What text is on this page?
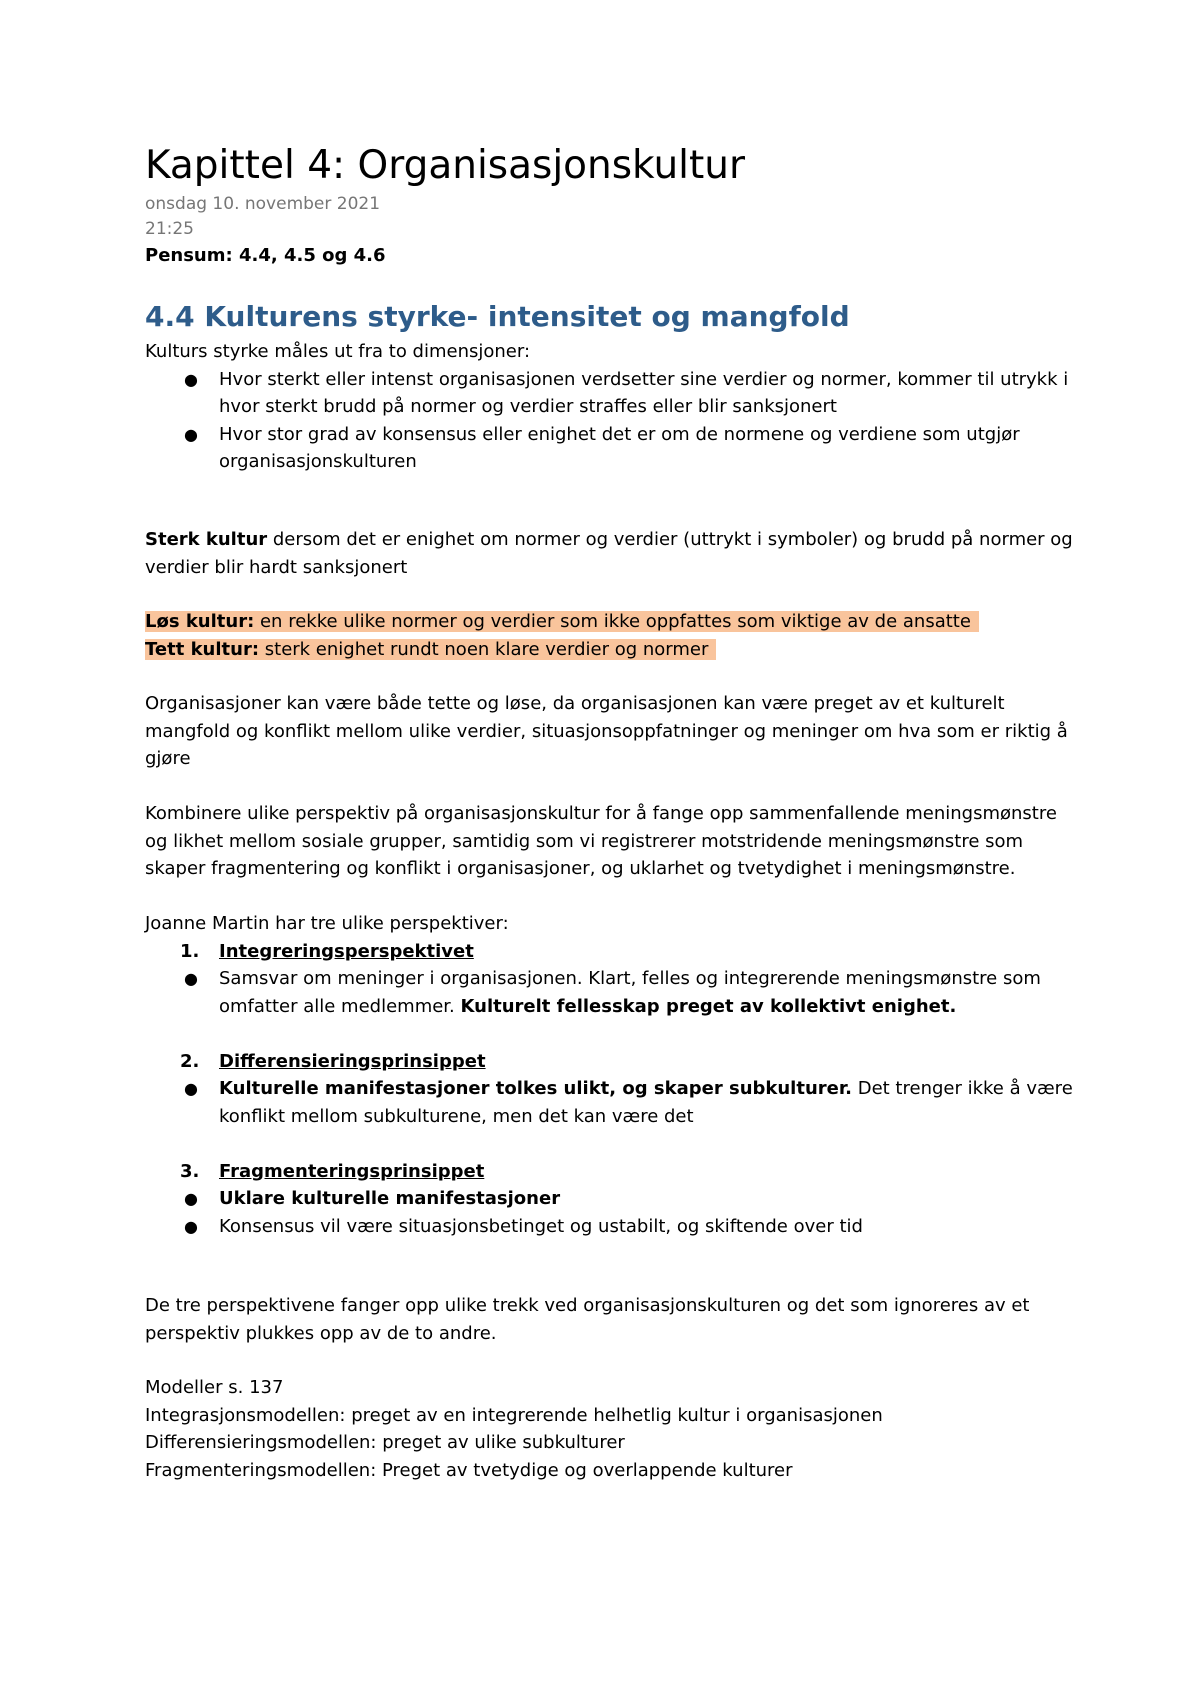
Kapittel 4: Organisasjonskultur
onsdag 10. november 2021
21:25
Pensum: 4.4, 4.5 og 4.6
4.4 Kulturens styrke- intensitet og mangfold

Kulturs styrke måles ut fra to dimensjoner:

● Hvor sterkt eller intenst organisasjonen verdsetter sine verdier og normer, kommer til utrykk i hvor sterkt brudd på normer og verdier straffes eller blir sanksjonert
● Hvor stor grad av konsensus eller enighet det er om de normene og verdiene som utgjør organisasjonskulturen

Sterk kultur dersom det er enighet om normer og verdier (uttrykt i symboler) og brudd på normer og verdier blir hardt sanksjonert

Løs kultur: en rekke ulike normer og verdier som ikke oppfattes som viktige av de ansatte

Tett kultur: sterk enighet rundt noen klare verdier og normer

Organisasjoner kan være både tette og løse, da organisasjonen kan være preget av et kulturelt mangfold og konflikt mellom ulike verdier, situasjonsoppfatninger og meninger om hva som er riktig å gjøre

Kombinere ulike perspektiv på organisasjonskultur for å fange opp sammenfallende meningsmønstre og likhet mellom sosiale grupper, samtidig som vi registrerer motstridende meningsmønstre som skaper fragmentering og konflikt i organisasjoner, og uklarhet og tvetydighet i meningsmønstre.

Joanne Martin har tre ulike perspektiver:

1. Integreringsperspektivet
● Samsvar om meninger i organisasjonen. Klart, felles og integrerende meningsmønstre som omfatter alle medlemmer. Kulturelt fellesskap preget av kollektivt enighet.

2. Differensieringsprinsippet
● Kulturelle manifestasjoner tolkes ulikt, og skaper subkulturer. Det trenger ikke å være konflikt mellom subkulturene, men det kan være det

3. Fragmenteringsprinsippet
● Uklare kulturelle manifestasjoner
● Konsensus vil være situasjonsbetinget og ustabilt, og skiftende over tid

De tre perspektivene fanger opp ulike trekk ved organisasjonskulturen og det som ignoreres av et perspektiv plukkes opp av de to andre.

Modeller s. 137

Integrasjonsmodellen: preget av en integrerende helhetlig kultur i organisasjonen

Differensieringsmodellen: preget av ulike subkulturer

Fragmenteringsmodellen: Preget av tvetydige og overlappende kulturer
